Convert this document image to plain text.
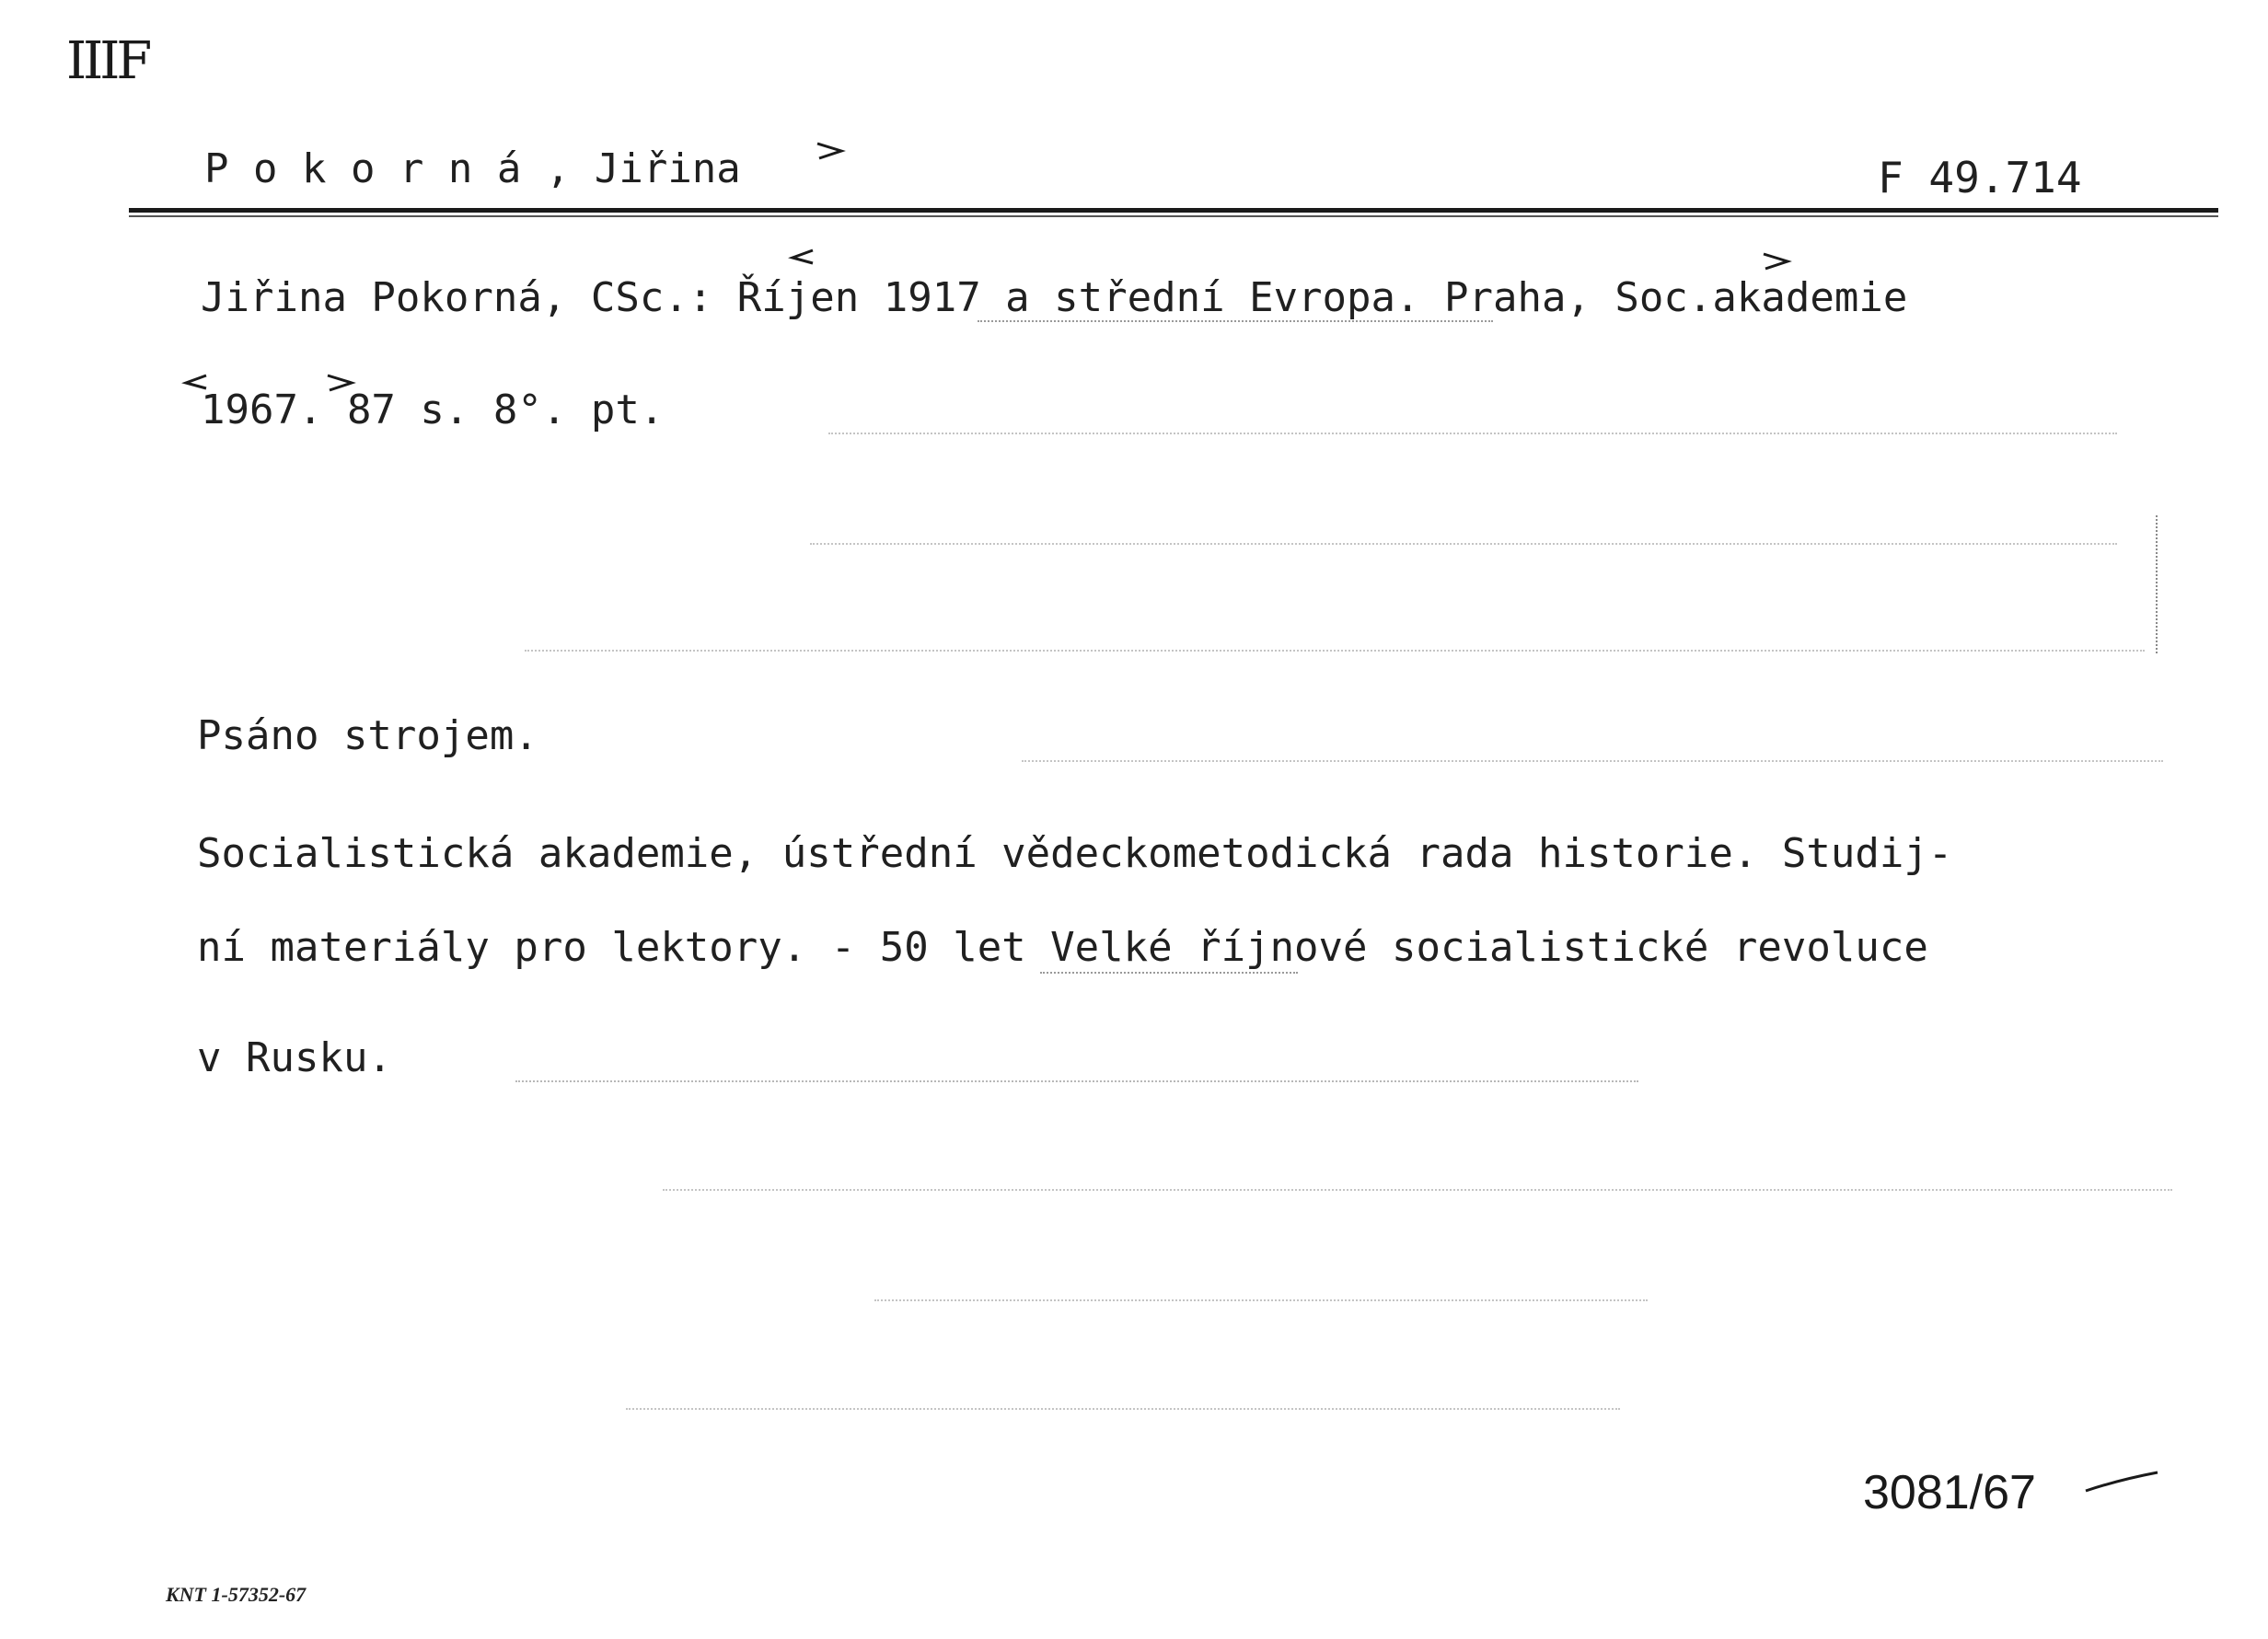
IIIF
P o k o r n á , Jiřina	F 49.714
Jiřina Pokorná, CSc.: Říjen 1917 a střední Evropa. Praha, Soc.akademie
1967. 87 s. 8°. pt.
Psáno strojem.
Socialistická akademie, ústřední vědeckometodická rada historie. Studij-
ní materiály pro lektory. - 50 let Velké říjnové socialistické revoluce
v Rusku.
3081/67
KNT 1-57352-67
